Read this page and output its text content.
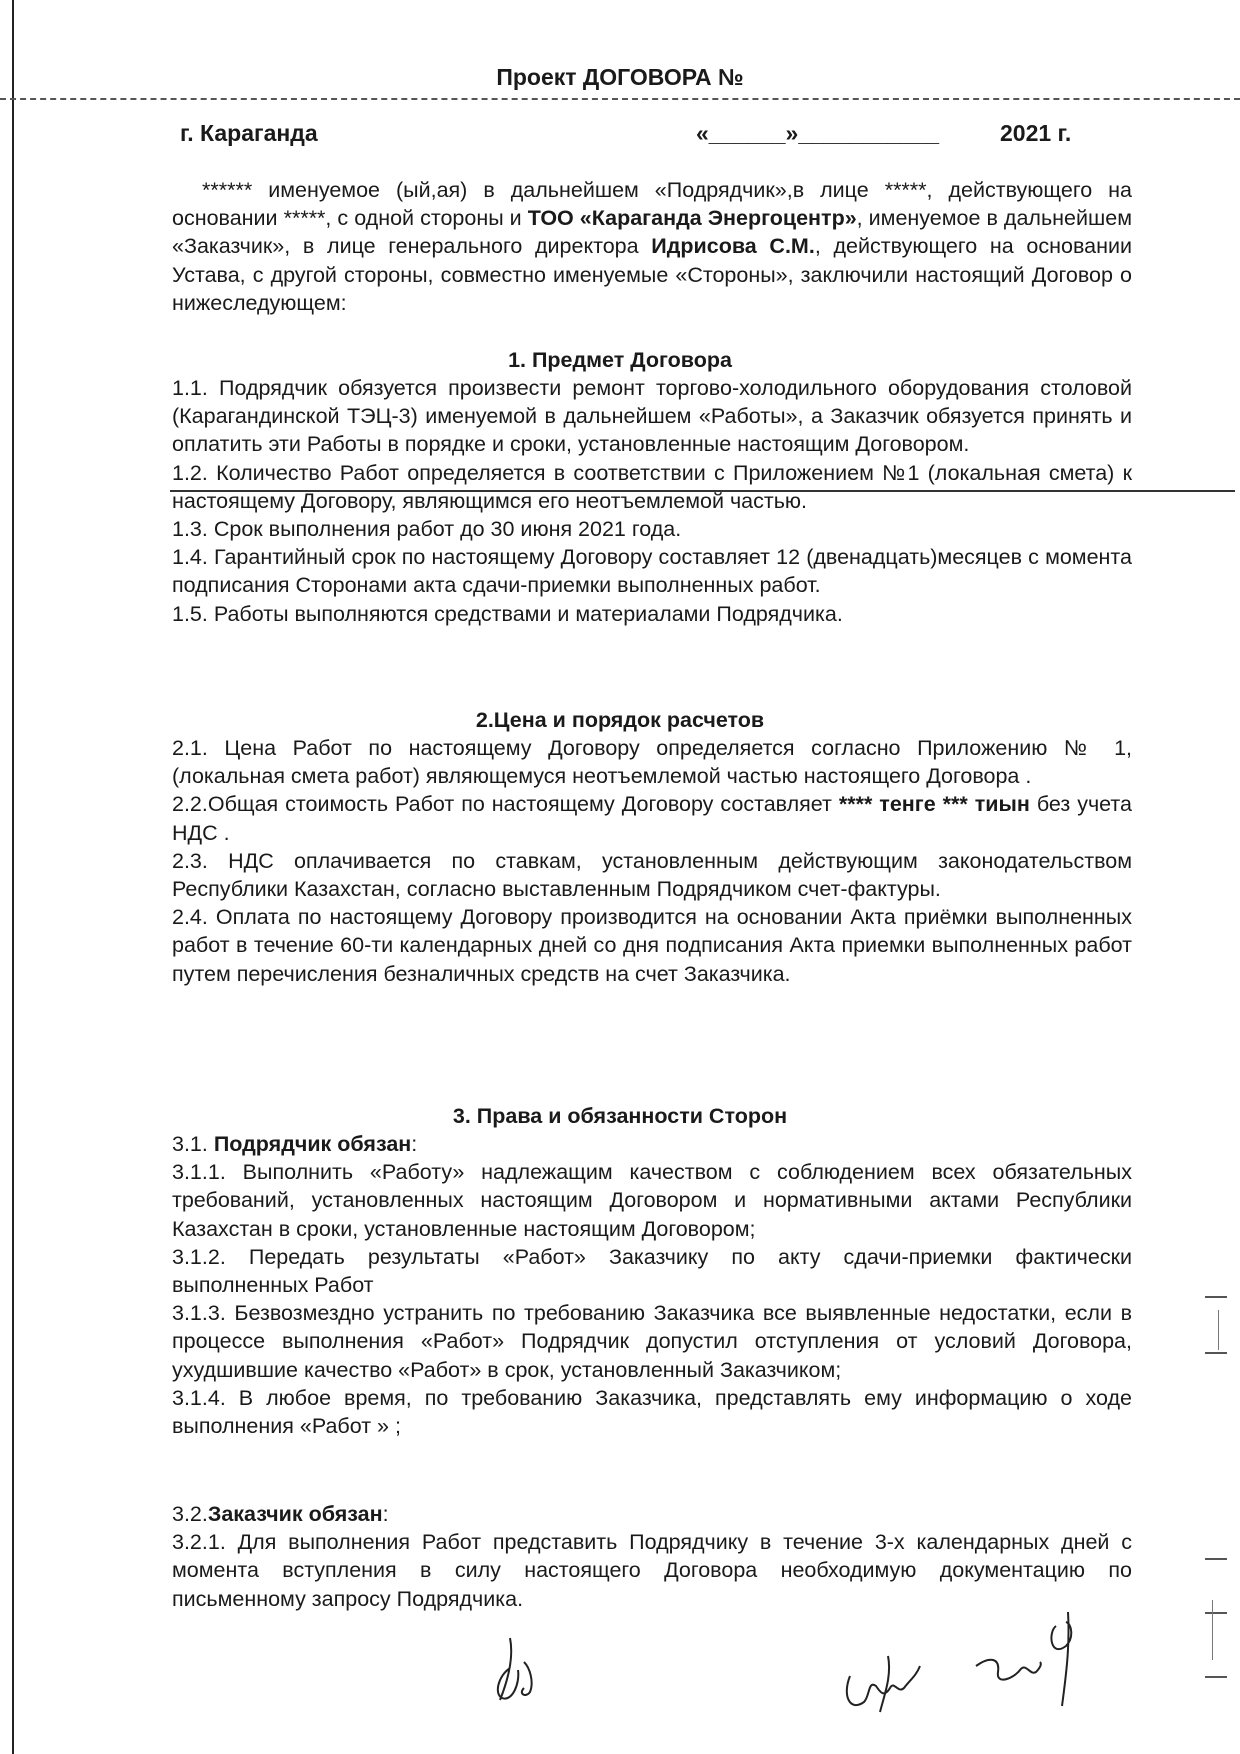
Проект ДОГОВОРА №
г. Караганда	«______»___________	2021 г.

****** именуемое (ый,ая) в дальнейшем «Подрядчик»,в лице *****, действующего на основании *****, с одной стороны и ТОО «Караганда Энергоцентр», именуемое в дальнейшем «Заказчик», в лице генерального директора Идрисова С.М., действующего на основании Устава, с другой стороны, совместно именуемые «Стороны», заключили настоящий Договор о нижеследующем:

1. Предмет Договора

1.1. Подрядчик обязуется произвести ремонт торгово-холодильного оборудования столовой (Карагандинской ТЭЦ-3) именуемой в дальнейшем «Работы», а Заказчик обязуется принять и оплатить эти Работы в порядке и сроки, установленные настоящим Договором.

1.2. Количество Работ определяется в соответствии с Приложением №1 (локальная смета) к настоящему Договору, являющимся его неотъемлемой частью.

1.3. Срок выполнения работ до 30 июня 2021 года.

1.4. Гарантийный срок по настоящему Договору составляет 12 (двенадцать)месяцев с момента подписания Сторонами акта сдачи-приемки выполненных работ.

1.5. Работы выполняются средствами и материалами Подрядчика.

2.Цена и порядок расчетов

2.1. Цена Работ по настоящему Договору определяется согласно Приложению № 1, (локальная смета работ) являющемуся неотъемлемой частью настоящего Договора .

2.2.Общая стоимость Работ по настоящему Договору составляет **** тенге *** тиын без учета НДС .

2.3. НДС оплачивается по ставкам, установленным действующим законодательством Республики Казахстан, согласно выставленным Подрядчиком счет-фактуры.

2.4. Оплата по настоящему Договору производится на основании Акта приёмки выполненных работ в течение 60-ти календарных дней со дня подписания Акта приемки выполненных работ путем перечисления безналичных средств на счет Заказчика.

3. Права и обязанности Сторон

3.1. Подрядчик обязан:

3.1.1. Выполнить «Работу» надлежащим качеством с соблюдением всех обязательных требований, установленных настоящим Договором и нормативными актами Республики Казахстан в сроки, установленные настоящим Договором;

3.1.2. Передать результаты «Работ» Заказчику по акту сдачи-приемки фактически выполненных Работ

3.1.3. Безвозмездно устранить по требованию Заказчика все выявленные недостатки, если в процессе выполнения «Работ» Подрядчик допустил отступления от условий Договора, ухудшившие качество «Работ» в срок, установленный Заказчиком;

3.1.4. В любое время, по требованию Заказчика, представлять ему информацию о ходе выполнения «Работ » ;

3.2.Заказчик обязан:

3.2.1. Для выполнения Работ представить Подрядчику в течение 3-х календарных дней с момента вступления в силу настоящего Договора необходимую документацию по письменному запросу Подрядчика.
